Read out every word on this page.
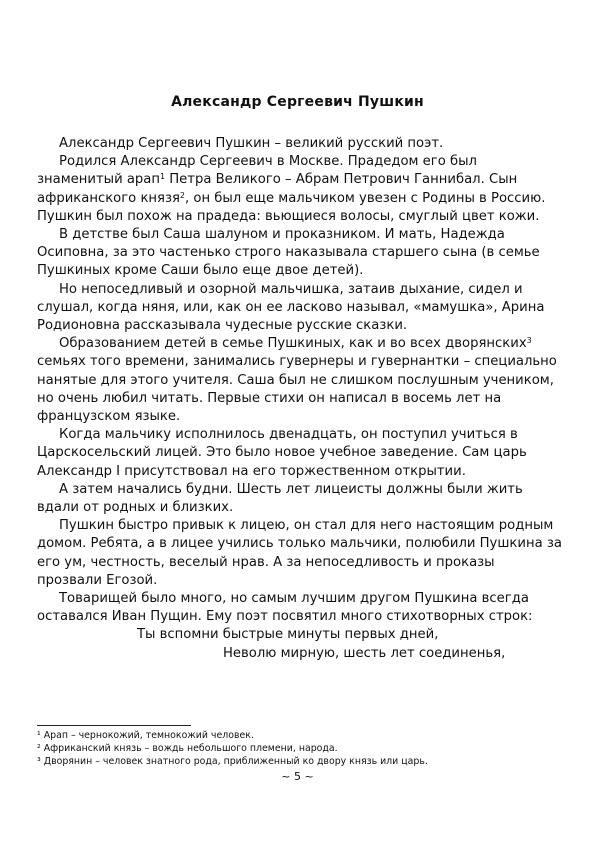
Александр Сергеевич Пушкин

Александр Сергеевич Пушкин – великий русский поэт.

Родился Александр Сергеевич в Москве. Прадедом его был знаменитый арап$^1$ Петра Великого – Абрам Петрович Ганнибал. Сын африканского князя$^2$, он был еще мальчиком увезен с Родины в Россию. Пушкин был похож на прадеда: вьющиеся волосы, смуглый цвет кожи.

В детстве был Саша шалуном и проказником. И мать, Надежда Осиповна, за это частенько строго наказывала старшего сына (в семье Пушкиных кроме Саши было еще двое детей).

Но непоседливый и озорной мальчишка, затаив дыхание, сидел и слушал, когда няня, или, как он ее ласково называл, «мамушка», Арина Родионовна рассказывала чудесные русские сказки.

Образованием детей в семье Пушкиных, как и во всех дворянских$^3$ семьях того времени, занимались гувернеры и гувернантки – специально нанятые для этого учителя. Саша был не слишком послушным учеником, но очень любил читать. Первые стихи он написал в восемь лет на французском языке.

Когда мальчику исполнилось двенадцать, он поступил учиться в Царскосельский лицей. Это было новое учебное заведение. Сам царь Александр I присутствовал на его торжественном открытии.

А затем начались будни. Шесть лет лицеисты должны были жить вдали от родных и близких.

Пушкин быстро привык к лицею, он стал для него настоящим родным домом. Ребята, а в лицее учились только мальчики, полюбили Пушкина за его ум, честность, веселый нрав. А за непоседливость и проказы прозвали Егозой.

Товарищей было много, но самым лучшим другом Пушкина всегда оставался Иван Пущин. Ему поэт посвятил много стихотворных строк:

Ты вспомни быстрые минуты первых дней,
Неволю мирную, шесть лет соединенья,
¹ Арап – чернокожий, темнокожий человек.
² Африканский князь – вождь небольшого племени, народа.
³ Дворянин – человек знатного рода, приближенный ко двору князь или царь.
~ 5 ~
